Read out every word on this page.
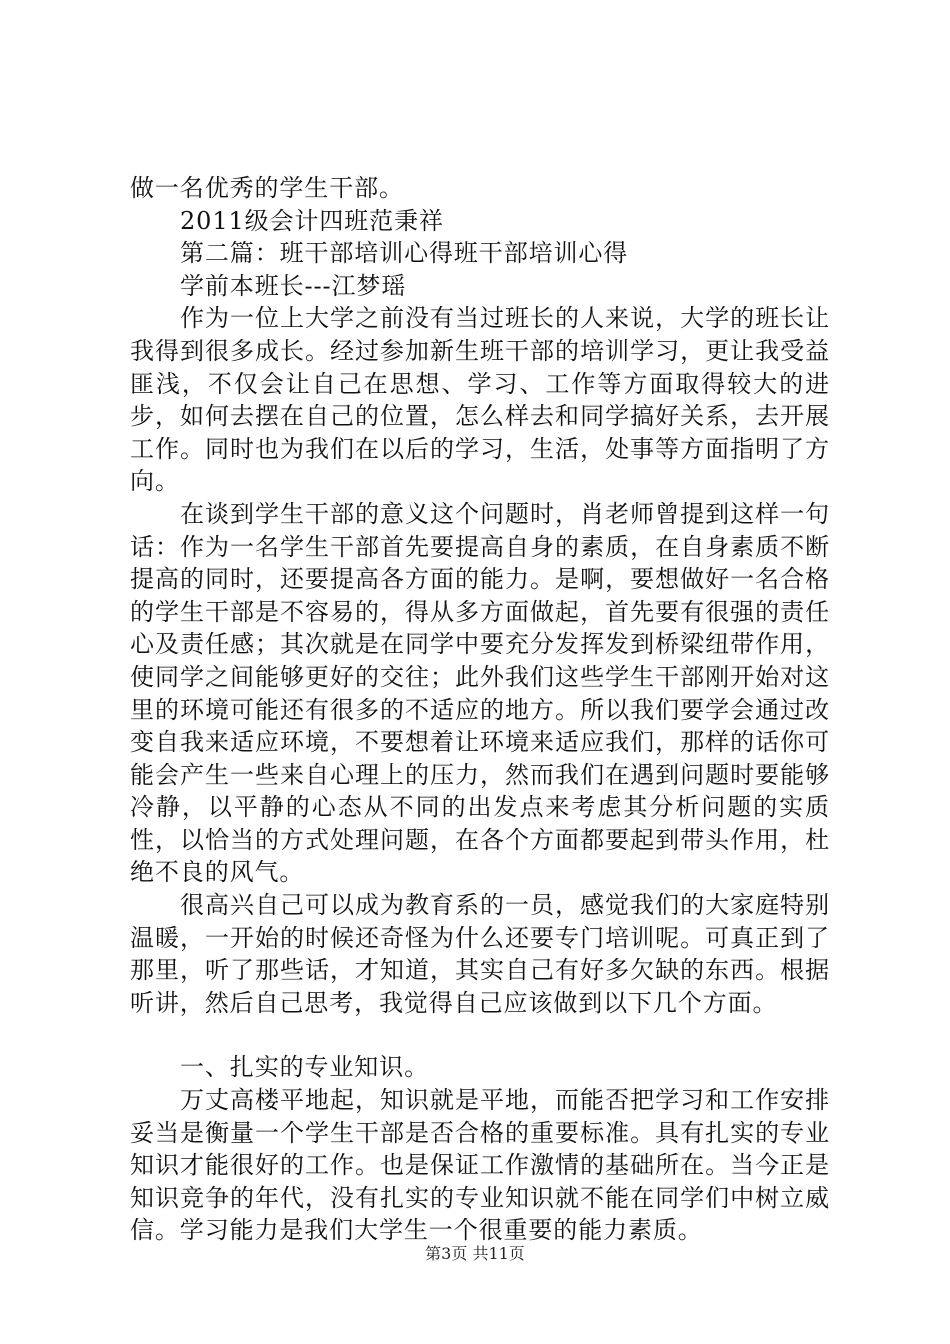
做一名优秀的学生干部。

2011级会计四班范秉祥

第二篇：班干部培训心得班干部培训心得

学前本班长---江梦瑶

作为一位上大学之前没有当过班长的人来说，大学的班长让我得到很多成长。经过参加新生班干部的培训学习，更让我受益匪浅，不仅会让自己在思想、学习、工作等方面取得较大的进步，如何去摆在自己的位置，怎么样去和同学搞好关系，去开展工作。同时也为我们在以后的学习，生活，处事等方面指明了方向。

在谈到学生干部的意义这个问题时，肖老师曾提到这样一句话：作为一名学生干部首先要提高自身的素质，在自身素质不断提高的同时，还要提高各方面的能力。是啊，要想做好一名合格的学生干部是不容易的，得从多方面做起，首先要有很强的责任心及责任感；其次就是在同学中要充分发挥发到桥梁纽带作用，使同学之间能够更好的交往；此外我们这些学生干部刚开始对这里的环境可能还有很多的不适应的地方。所以我们要学会通过改变自我来适应环境，不要想着让环境来适应我们，那样的话你可能会产生一些来自心理上的压力，然而我们在遇到问题时要能够冷静，以平静的心态从不同的出发点来考虑其分析问题的实质性，以恰当的方式处理问题，在各个方面都要起到带头作用，杜绝不良的风气。

很高兴自己可以成为教育系的一员，感觉我们的大家庭特别温暖，一开始的时候还奇怪为什么还要专门培训呢。可真正到了那里，听了那些话，才知道，其实自己有好多欠缺的东西。根据听讲，然后自己思考，我觉得自己应该做到以下几个方面。

一、扎实的专业知识。

万丈高楼平地起，知识就是平地，而能否把学习和工作安排妥当是衡量一个学生干部是否合格的重要标准。具有扎实的专业知识才能很好的工作。也是保证工作激情的基础所在。当今正是知识竞争的年代，没有扎实的专业知识就不能在同学们中树立威信。学习能力是我们大学生一个很重要的能力素质。

第3页 共11页
